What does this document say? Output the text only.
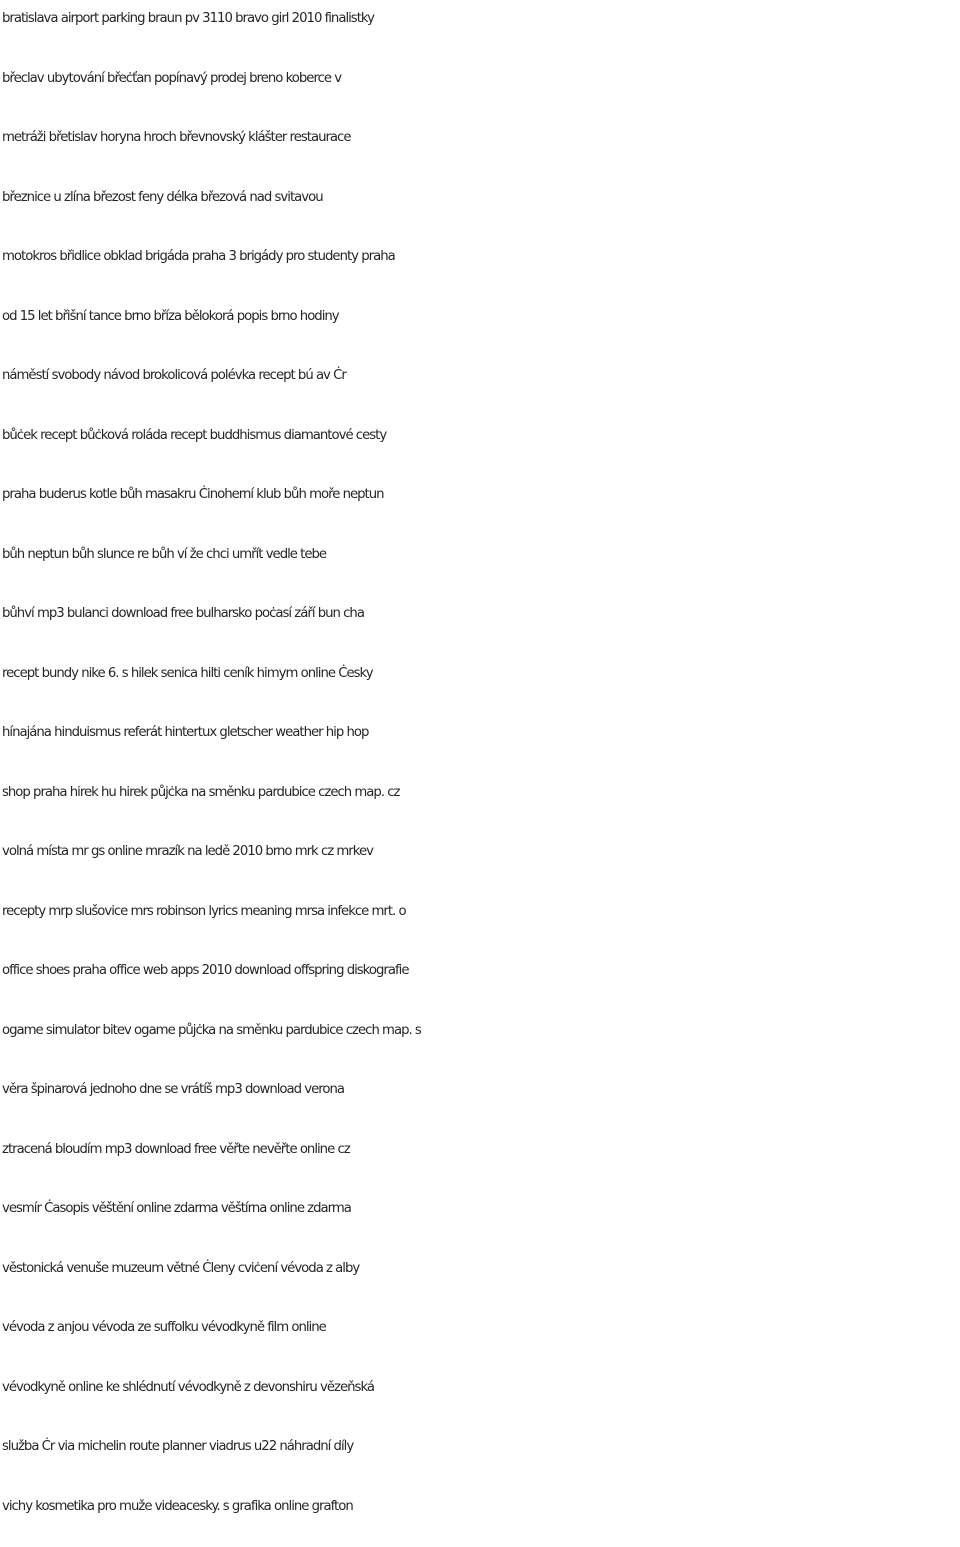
bratislava airport parking braun pv 3110 bravo girl 2010 finalistky
břeclav ubytování břeċťan popínavý prodej breno koberce v
metráži břetislav horyna hroch břevnovský klášter restaurace
březnice u zlína březost feny délka březová nad svitavou
motokros břidlice obklad brigáda praha 3 brigády pro studenty praha
od 15 let břišní tance brno bříza bělokorá popis brno hodiny
náměstí svobody návod brokolicová polévka recept bú av Ċr
bůċek recept bůċková roláda recept buddhismus diamantové cesty
praha buderus kotle bůh masakru Ċinoherní klub bůh moře neptun
bůh neptun bůh slunce re bůh ví že chci umřít vedle tebe
bůhví mp3 bulanci download free bulharsko poċasí září bun cha
recept bundy nike 6. s hilek senica hilti ceník himym online Ċesky
hínajána hinduismus referát hintertux gletscher weather hip hop
shop praha hirek hu hirek půjċka na směnku pardubice czech map. cz
volná místa mr gs online mrazík na ledě 2010 brno mrk cz mrkev
recepty mrp slušovice mrs robinson lyrics meaning mrsa infekce mrt. o
office shoes praha office web apps 2010 download offspring diskografie
ogame simulator bitev ogame půjċka na směnku pardubice czech map. s
věra špinarová jednoho dne se vrátíš mp3 download verona
ztracená bloudím mp3 download free věřte nevěřte online cz
vesmír Ċasopis věštění online zdarma věštírna online zdarma
věstonická venuše muzeum větné Ċleny cviċení vévoda z alby
vévoda z anjou vévoda ze suffolku vévodkyně film online
vévodkyně online ke shlédnutí vévodkyně z devonshiru vězeňská
služba Ċr via michelin route planner viadrus u22 náhradní díly
vichy kosmetika pro muže videacesky. s grafika online grafton
